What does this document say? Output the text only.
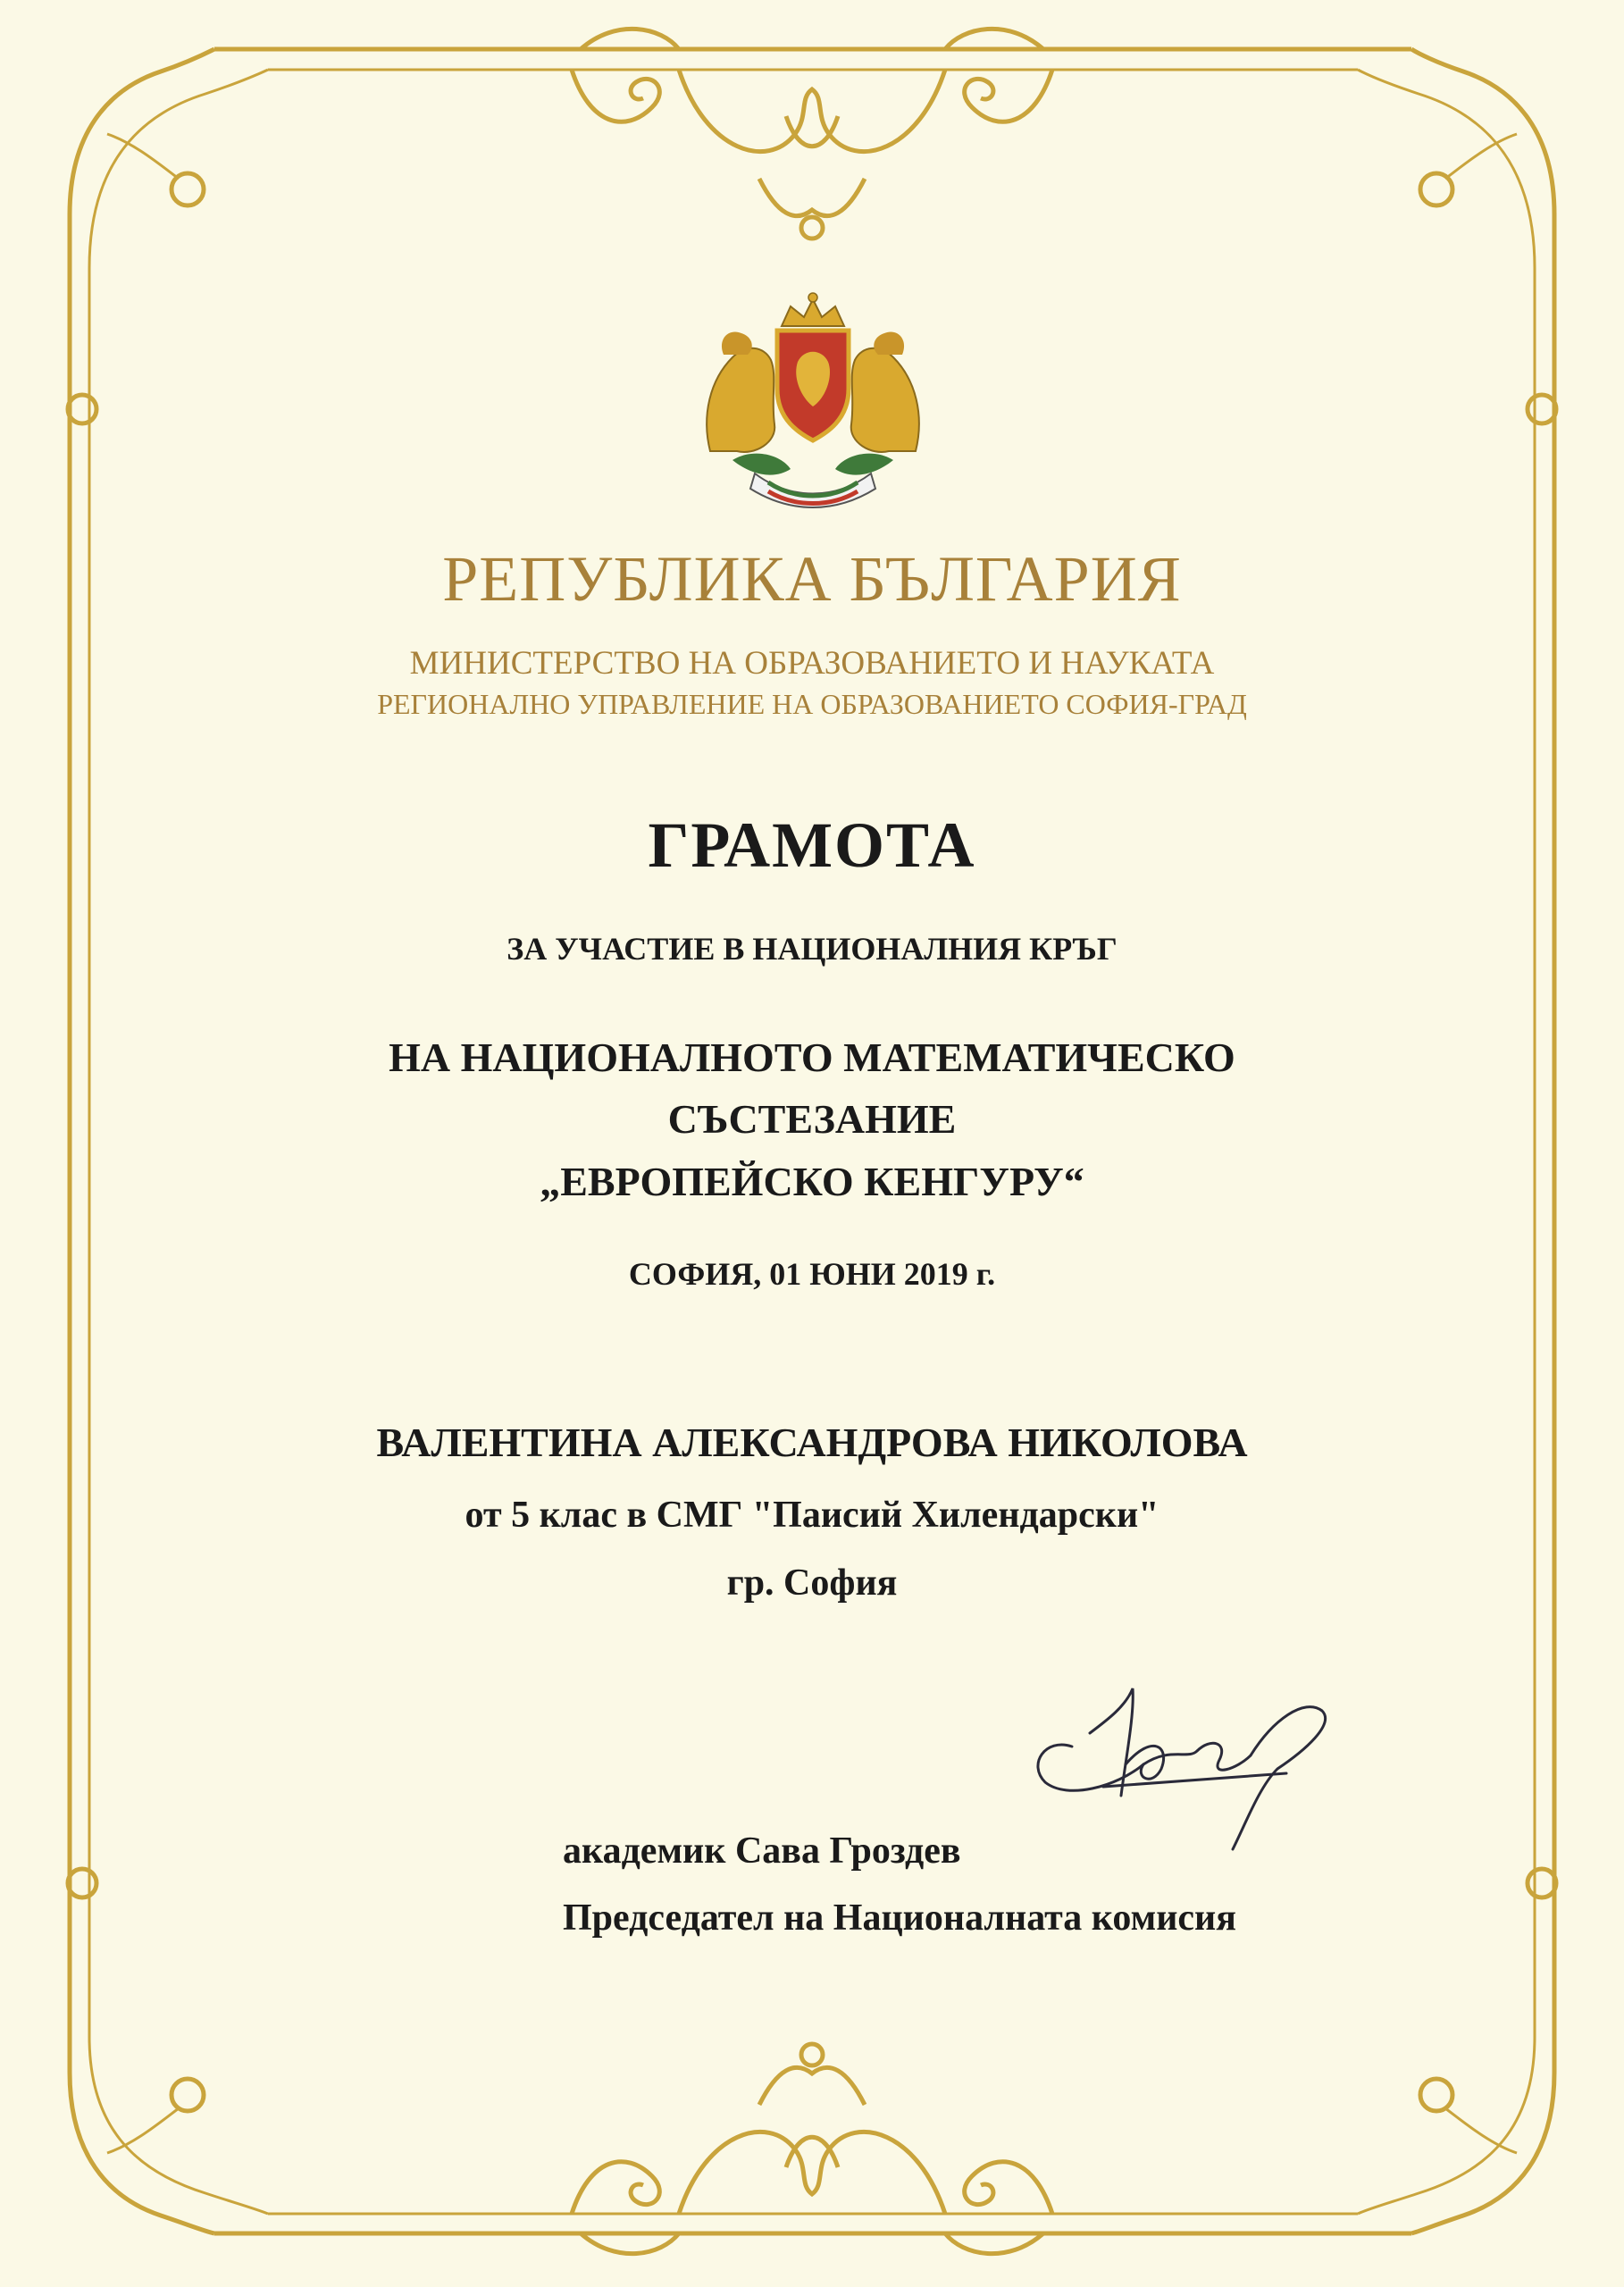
РЕПУБЛИКА БЪЛГАРИЯ
МИНИСТЕРСТВО НА ОБРАЗОВАНИЕТО И НАУКАТА
РЕГИОНАЛНО УПРАВЛЕНИЕ НА ОБРАЗОВАНИЕТО СОФИЯ-ГРАД
ГРАМОТА
ЗА УЧАСТИЕ В НАЦИОНАЛНИЯ КРЪГ
НА НАЦИОНАЛНОТО МАТЕМАТИЧЕСКО
СЪСТЕЗАНИЕ
„ЕВРОПЕЙСКО КЕНГУРУ“
СОФИЯ, 01 ЮНИ 2019 г.
ВАЛЕНТИНА АЛЕКСАНДРОВА НИКОЛОВА
от 5 клас в СМГ "Паисий Хилендарски"
гр. София
академик Сава Гроздев
Председател на Националната комисия
